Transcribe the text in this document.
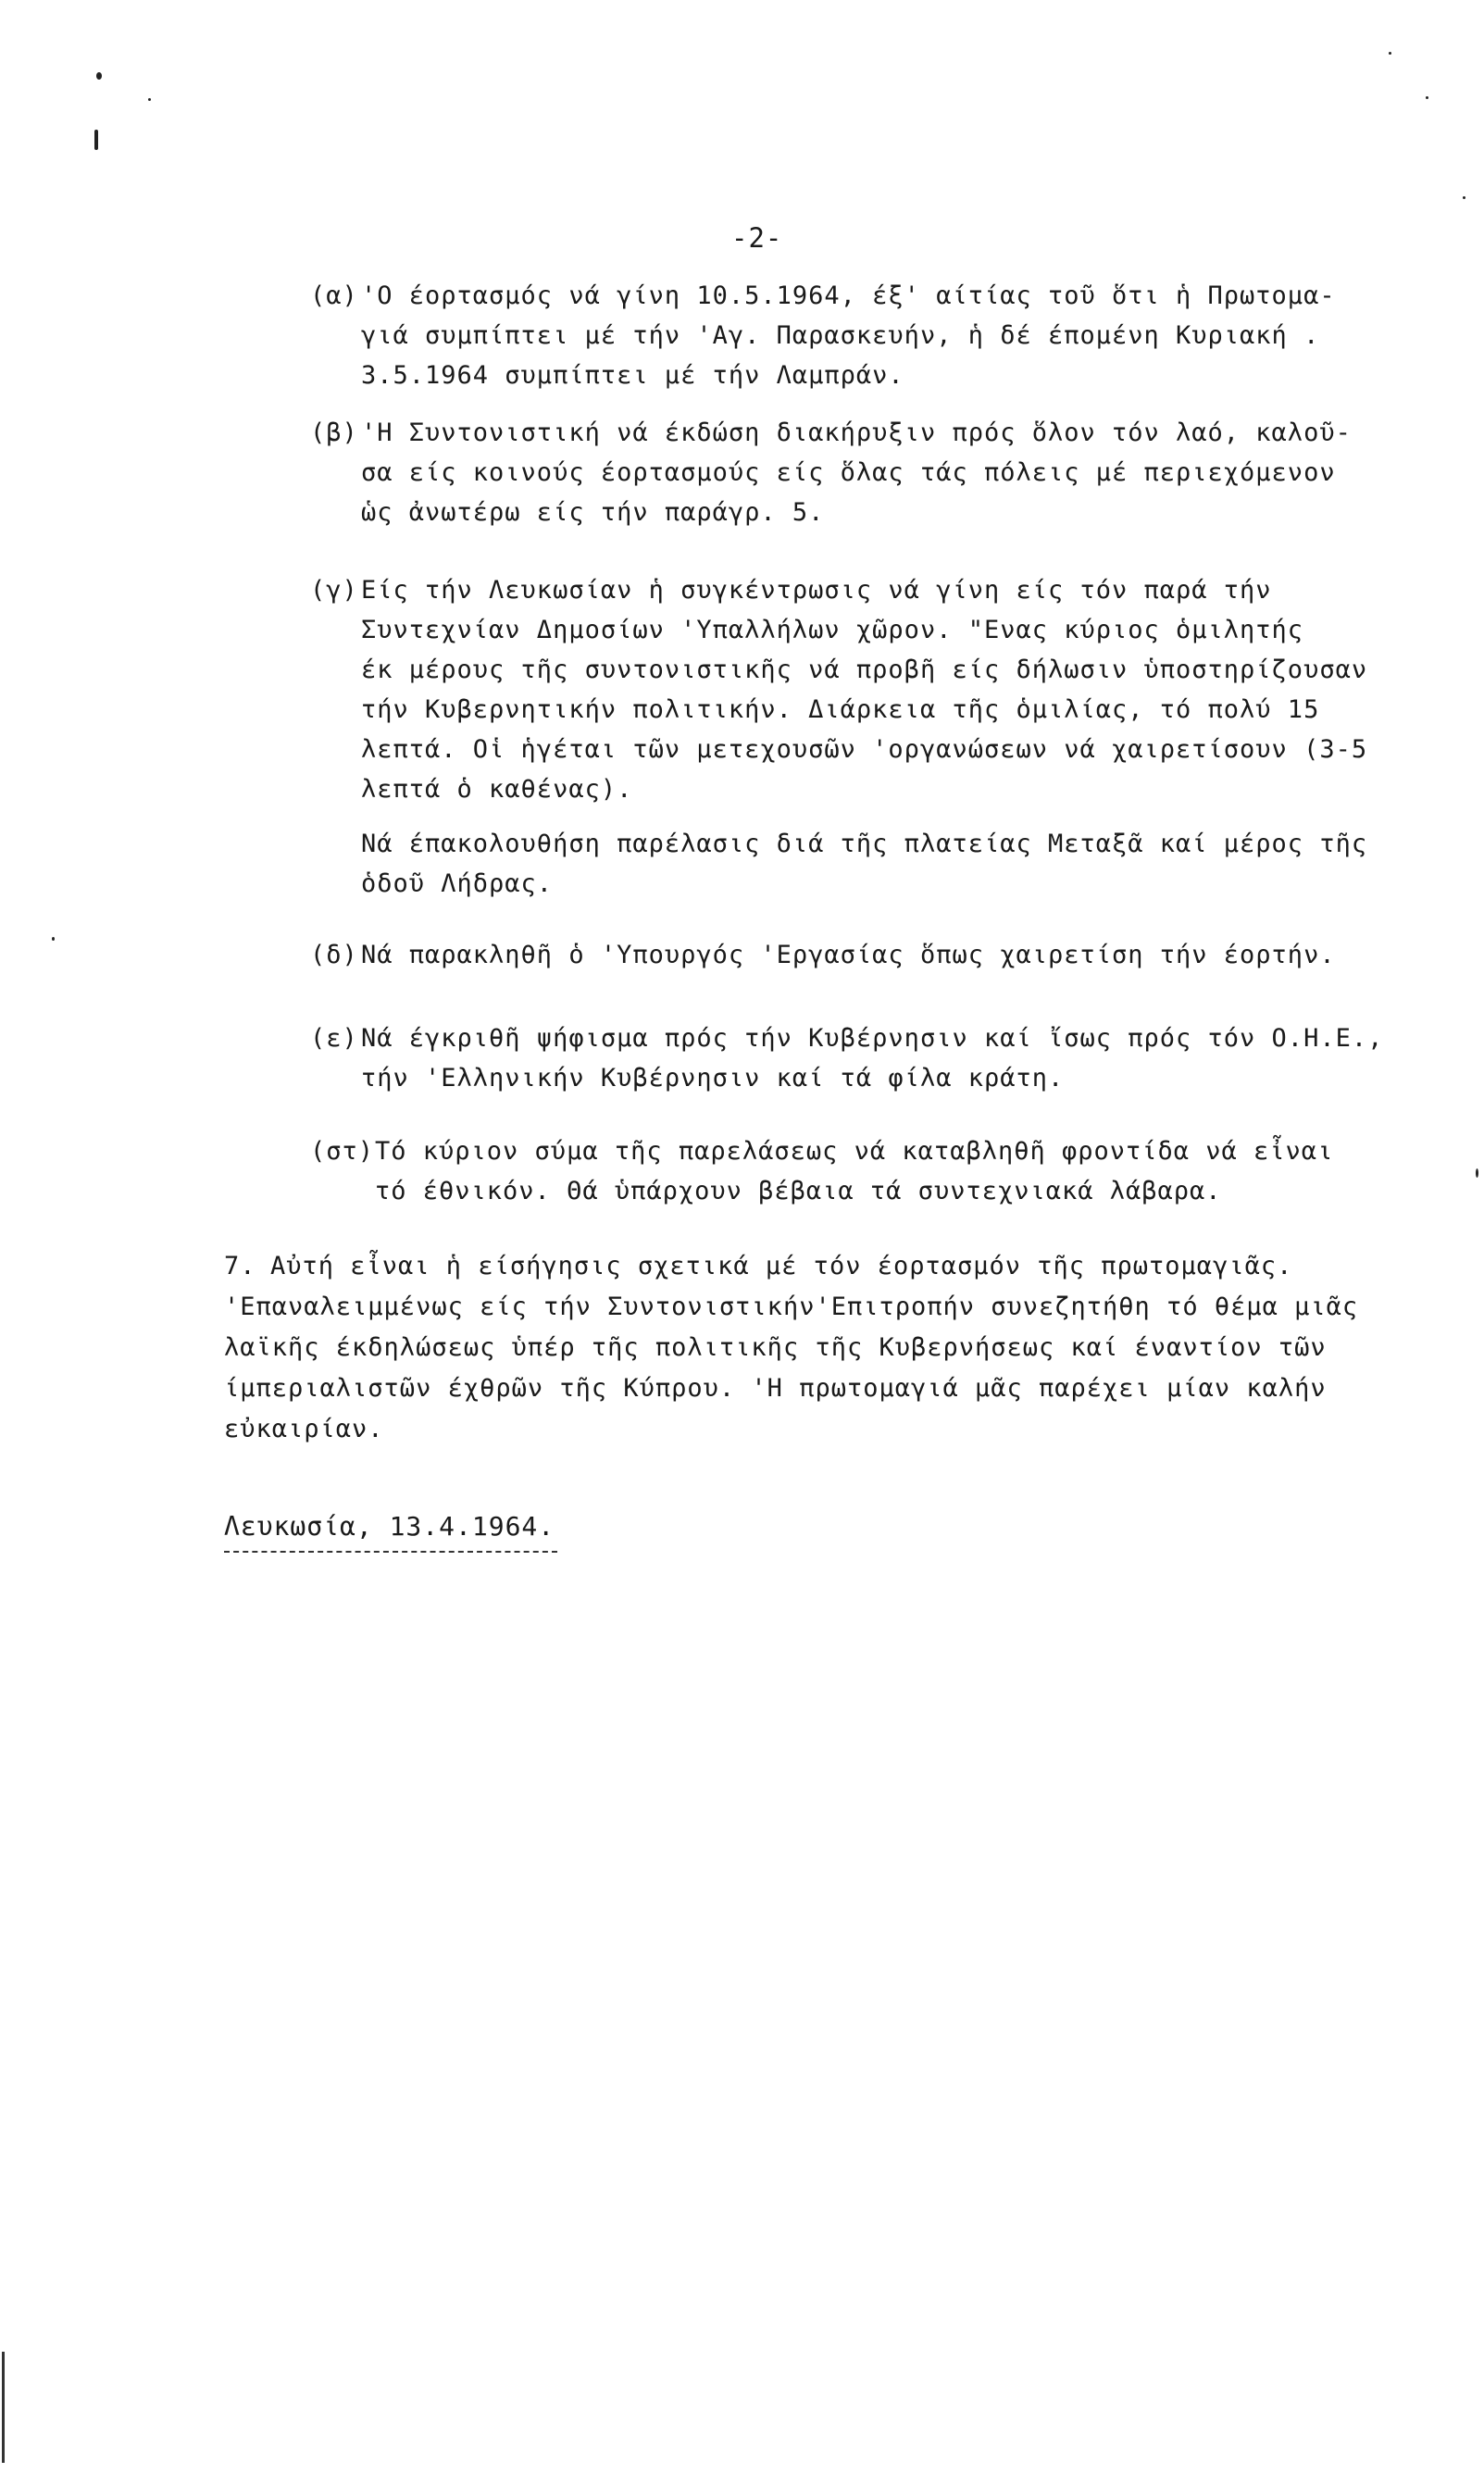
-2-
(α) 'Ο έορτασμός νά γίνη 10.5.1964, έξ' αίτίας τοῦ ὅτι ἡ Πρωτομα-
γιά συμπίπτει μέ τήν 'Αγ. Παρασκευήν, ἡ δέ έπομένη Κυριακή .
3.5.1964 συμπίπτει μέ τήν Λαμπράν.
(β) 'Η Συντονιστική νά έκδώση διακήρυξιν πρός ὅλον τόν λαό, καλοῦ-
σα είς κοινούς έορτασμούς είς ὅλας τάς πόλεις μέ περιεχόμενον
ὡς ἀνωτέρω είς τήν παράγρ. 5.
(γ) Είς τήν Λευκωσίαν ἡ συγκέντρωσις νά γίνη είς τόν παρά τήν
Συντεχνίαν Δημοσίων 'Υπαλλήλων χῶρον. "Ενας κύριος ὁμιλητής
έκ μέρους τῆς συντονιστικῆς νά προβῆ είς δήλωσιν ὑποστηρίζουσαν
τήν Κυβερνητικήν πολιτικήν. Διάρκεια τῆς ὁμιλίας, τό πολύ 15
λεπτά. Οἱ ἡγέται τῶν μετεχουσῶν 'οργανώσεων νά χαιρετίσουν (3-5
λεπτά ὁ καθένας).
Νά έπακολουθήση παρέλασις διά τῆς πλατείας Μεταξᾶ καί μέρος τῆς
ὁδοῦ Λήδρας.
(δ) Νά παρακληθῆ ὁ 'Υπουργός 'Εργασίας ὅπως χαιρετίση τήν έορτήν.
(ε) Νά έγκριθῆ ψήφισμα πρός τήν Κυβέρνησιν καί ἴσως πρός τόν Ο.Η.Ε.,
τήν 'Ελληνικήν Κυβέρνησιν καί τά φίλα κράτη.
(στ) Τό κύριον σύμα τῆς παρελάσεως νά καταβληθῆ φροντίδα νά εἶναι
τό έθνικόν. Θά ὑπάρχουν βέβαια τά συντεχνιακά λάβαρα.
7. Αὐτή εἶναι ἡ είσήγησις σχετικά μέ τόν έορτασμόν τῆς πρωτομαγιᾶς.
'Επαναλειμμένως είς τήν Συντονιστικήν'Επιτροπήν συνεζητήθη τό θέμα μιᾶς
λαϊκῆς έκδηλώσεως ὑπέρ τῆς πολιτικῆς τῆς Κυβερνήσεως καί έναντίον τῶν
ίμπεριαλιστῶν έχθρῶν τῆς Κύπρου. 'Η πρωτομαγιά μᾶς παρέχει μίαν καλήν
εὐκαιρίαν.
Λευκωσία, 13.4.1964.
